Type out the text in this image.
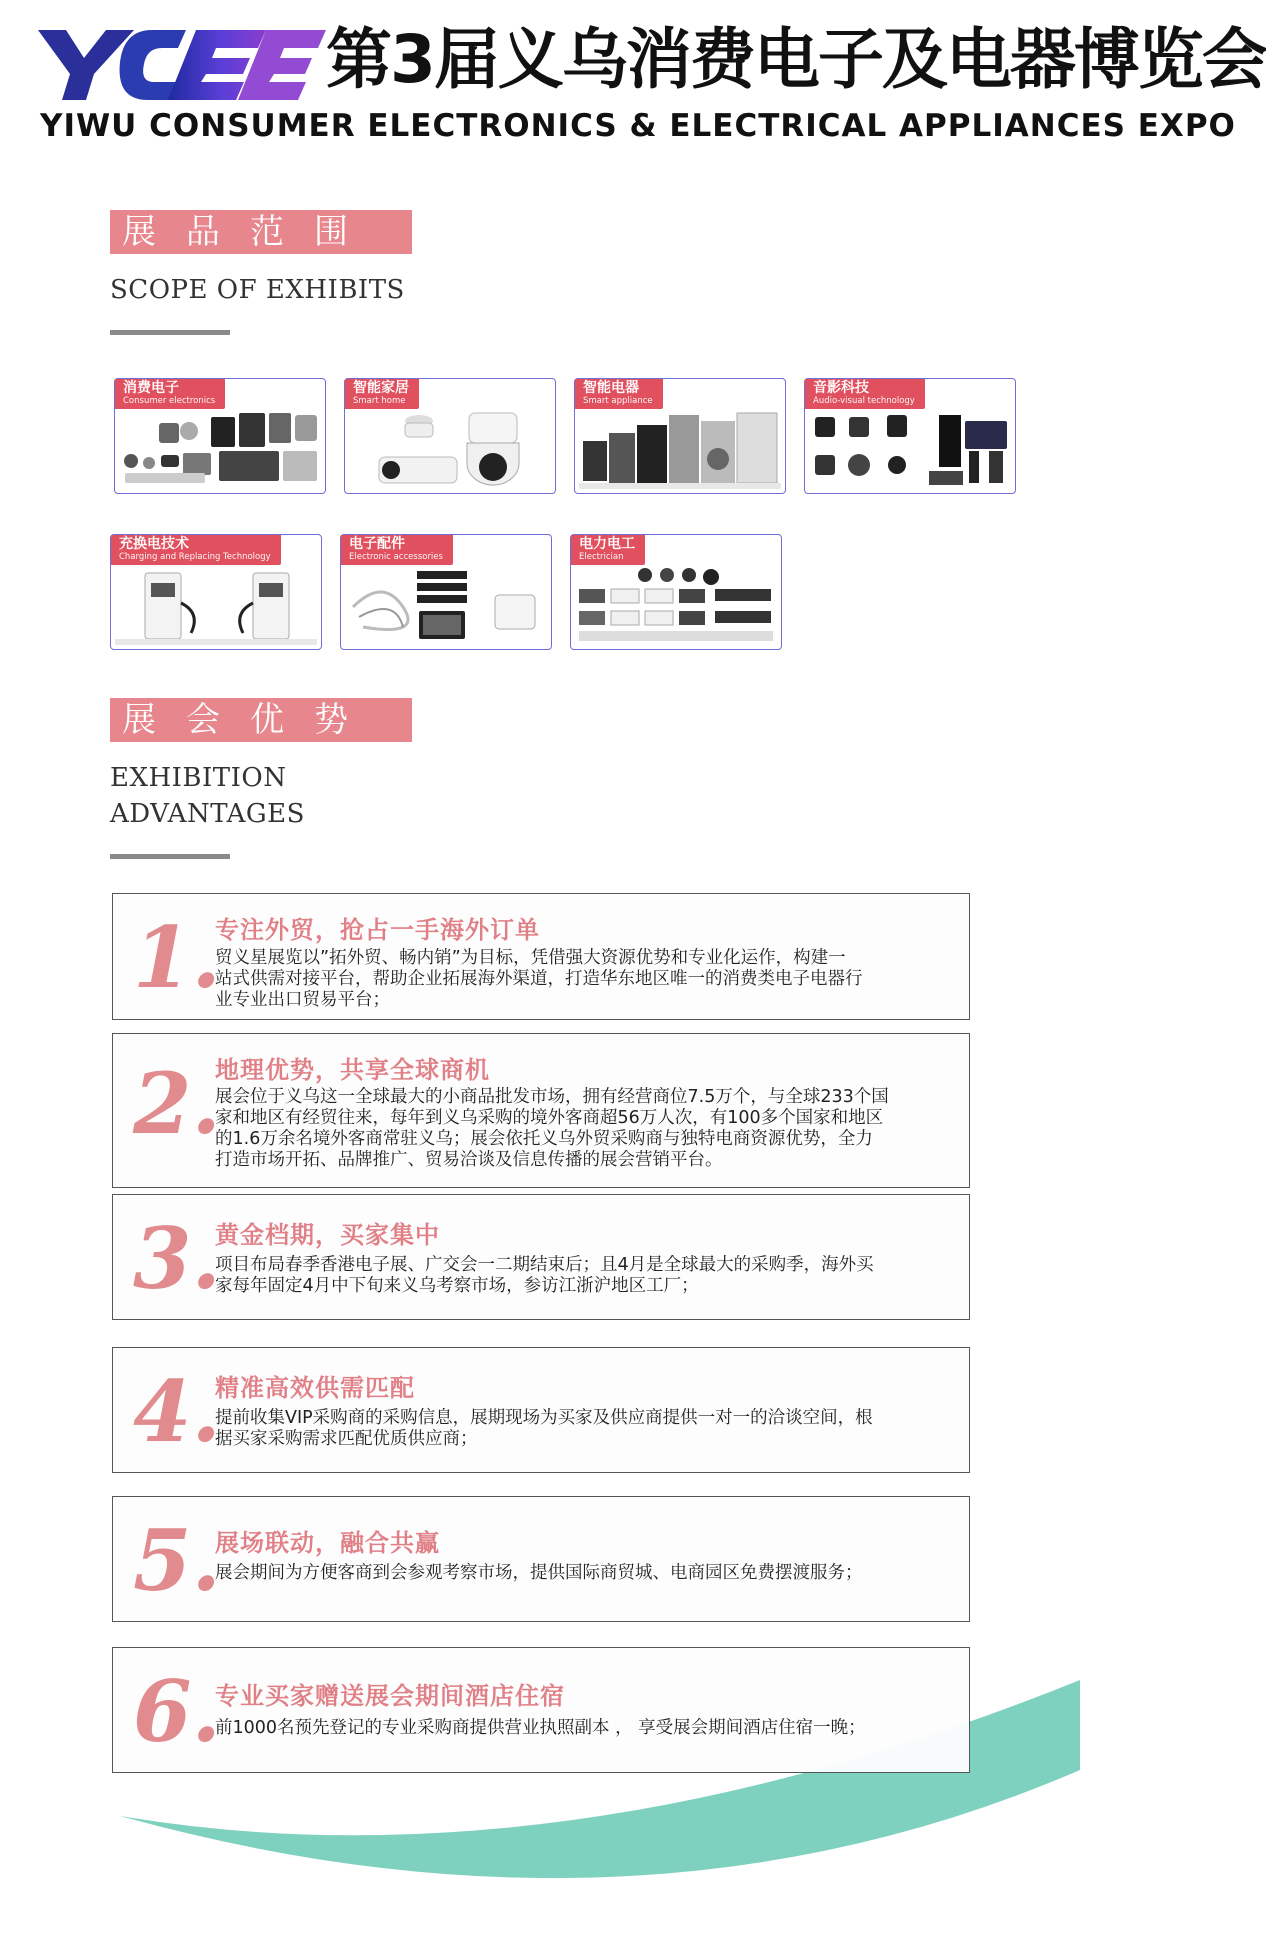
第3届义乌消费电子及电器博览会
YIWU CONSUMER ELECTRONICS & ELECTRICAL APPLIANCES EXPO
展品范围
SCOPE OF EXHIBITS
消费电子
Consumer electronics
智能家居
Smart home
智能电器
Smart appliance
音影科技
Audio-visual technology
充换电技术
Charging and Replacing Technology
电子配件
Electronic accessories
电力电工
Electrician
展会优势
EXHIBITION
ADVANTAGES
1.
专注外贸，抢占一手海外订单
贸义星展览以”拓外贸、畅内销”为目标，凭借强大资源优势和专业化运作，构建一
站式供需对接平台，帮助企业拓展海外渠道，打造华东地区唯一的消费类电子电器行
业专业出口贸易平台；
2.
地理优势，共享全球商机
展会位于义乌这一全球最大的小商品批发市场，拥有经营商位7.5万个，与全球233个国
家和地区有经贸往来，每年到义乌采购的境外客商超56万人次，有100多个国家和地区
的1.6万余名境外客商常驻义乌；展会依托义乌外贸采购商与独特电商资源优势，全力
打造市场开拓、品牌推广、贸易洽谈及信息传播的展会营销平台。
3.
黄金档期，买家集中
项目布局春季香港电子展、广交会一二期结束后；且4月是全球最大的采购季，海外买
家每年固定4月中下旬来义乌考察市场，参访江浙沪地区工厂；
4.
精准高效供需匹配
提前收集VIP采购商的采购信息，展期现场为买家及供应商提供一对一的洽谈空间，根
据买家采购需求匹配优质供应商；
5.
展场联动，融合共赢
展会期间为方便客商到会参观考察市场，提供国际商贸城、电商园区免费摆渡服务；
6.
专业买家赠送展会期间酒店住宿
前1000名预先登记的专业采购商提供营业执照副本 ， 享受展会期间酒店住宿一晚；
